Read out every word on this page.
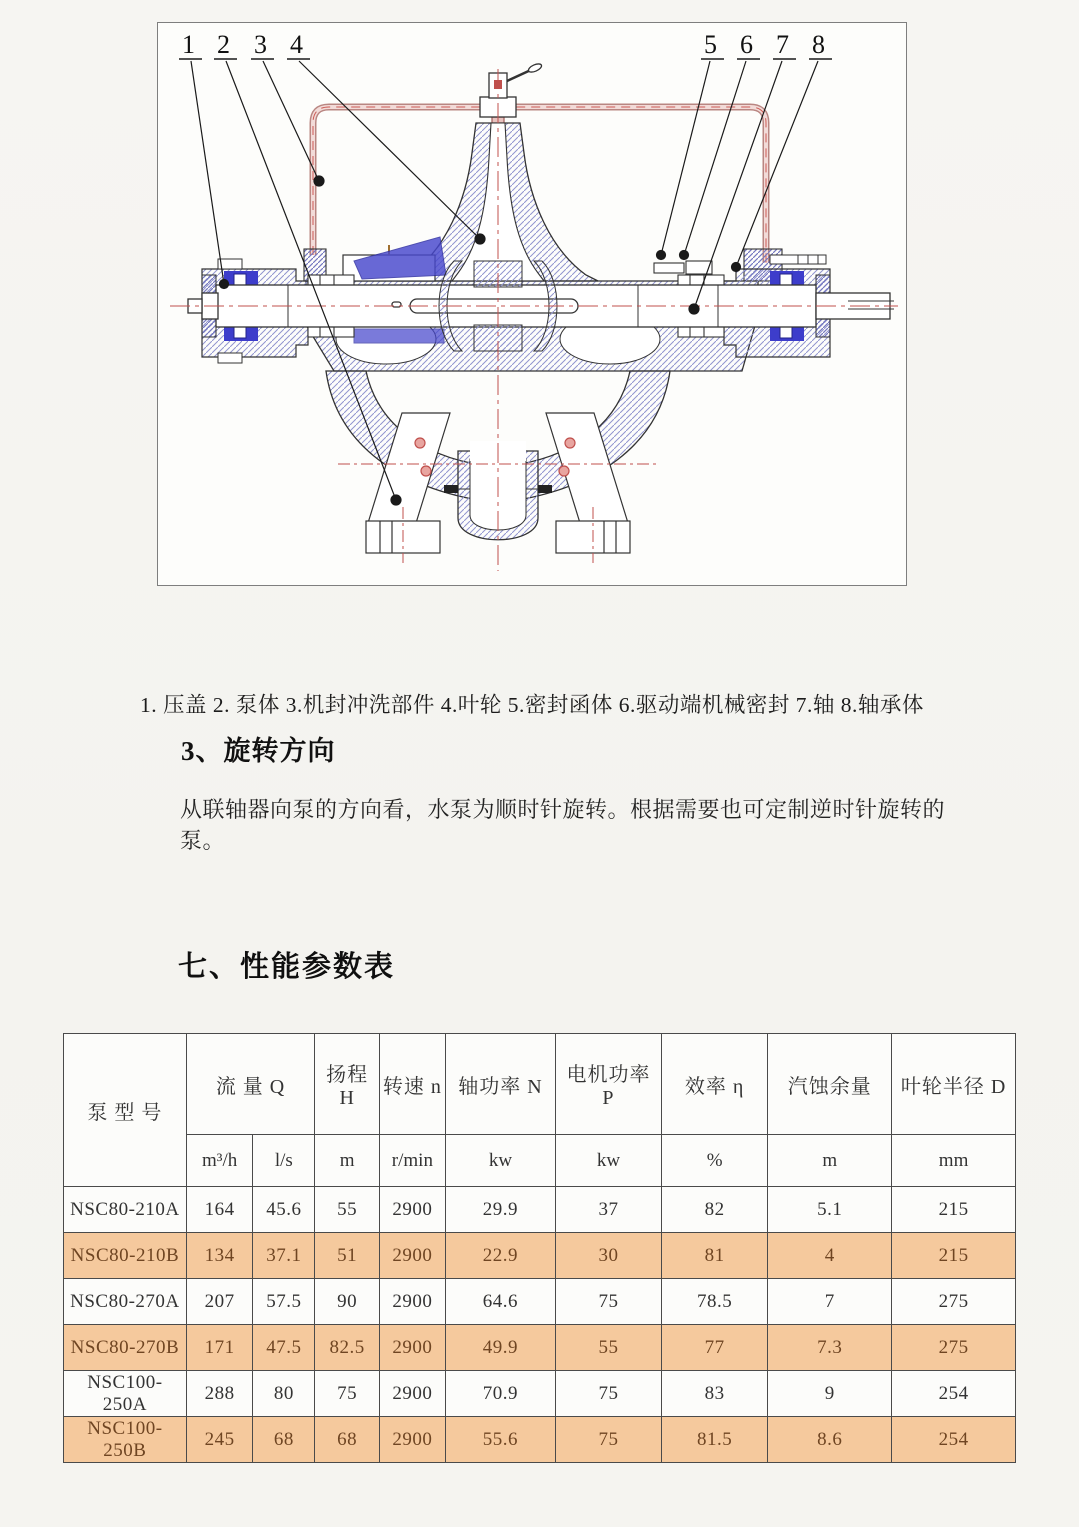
1 2 3 4	5 6 7 8
1. 压盖 2. 泵体 3.机封冲洗部件 4.叶轮 5.密封函体 6.驱动端机械密封 7.轴 8.轴承体
3、旋转方向
从联轴器向泵的方向看，水泵为顺时针旋转。根据需要也可定制逆时针旋转的泵。
七、性能参数表
泵 型 号	流 量 Q		扬程 H	转速 n	轴功率 N	电机功率 P	效率 η	汽蚀余量	叶轮半径 D
	m³/h	l/s	m	r/min	kw	kw	%	m	mm
NSC80-210A	164	45.6	55	2900	29.9	37	82	5.1	215
NSC80-210B	134	37.1	51	2900	22.9	30	81	4	215
NSC80-270A	207	57.5	90	2900	64.6	75	78.5	7	275
NSC80-270B	171	47.5	82.5	2900	49.9	55	77	7.3	275
NSC100-250A	288	80	75	2900	70.9	75	83	9	254
NSC100-250B	245	68	68	2900	55.6	75	81.5	8.6	254
